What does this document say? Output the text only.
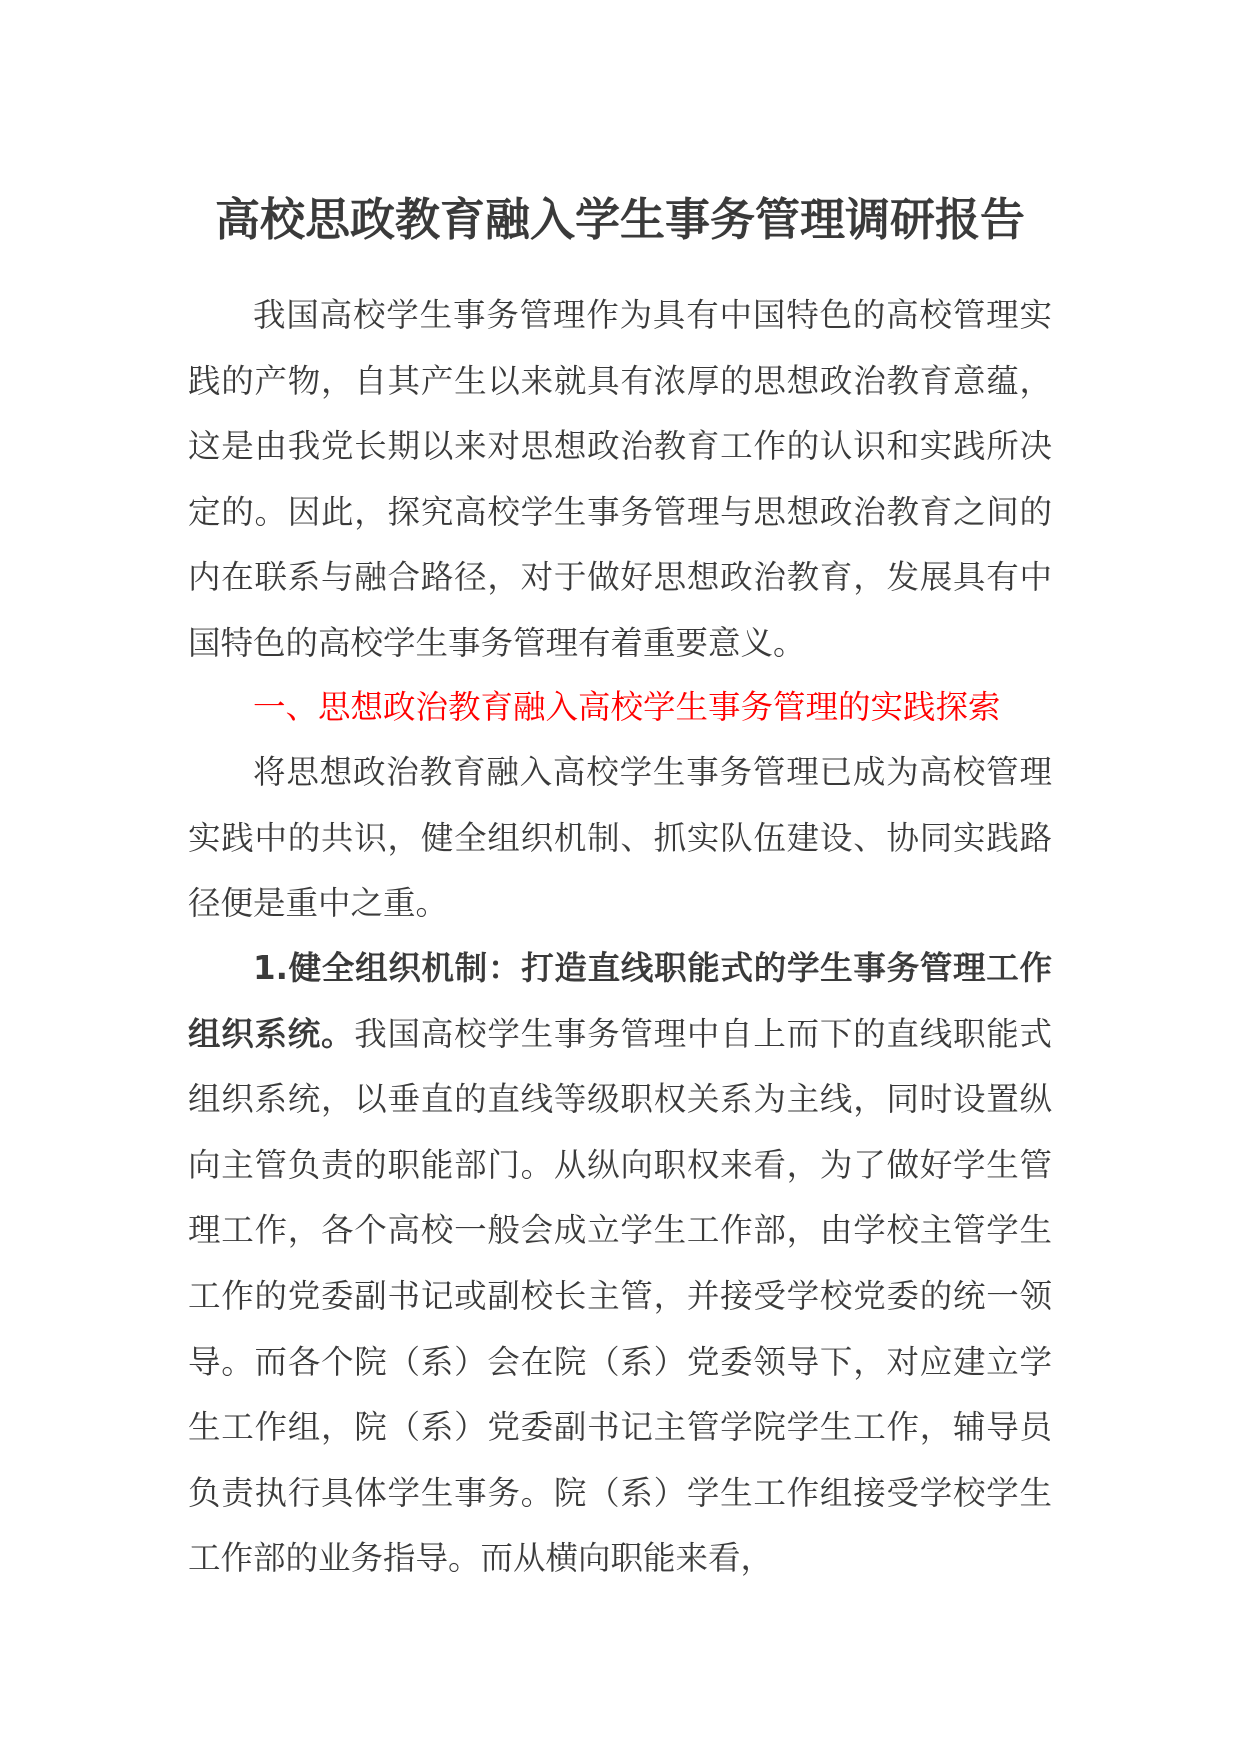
高校思政教育融入学生事务管理调研报告
我国高校学生事务管理作为具有中国特色的高校管理实践的产物，自其产生以来就具有浓厚的思想政治教育意蕴，这是由我党长期以来对思想政治教育工作的认识和实践所决定的。因此，探究高校学生事务管理与思想政治教育之间的内在联系与融合路径，对于做好思想政治教育，发展具有中国特色的高校学生事务管理有着重要意义。
一、思想政治教育融入高校学生事务管理的实践探索
将思想政治教育融入高校学生事务管理已成为高校管理实践中的共识，健全组织机制、抓实队伍建设、协同实践路径便是重中之重。
1.健全组织机制：打造直线职能式的学生事务管理工作组织系统。我国高校学生事务管理中自上而下的直线职能式组织系统，以垂直的直线等级职权关系为主线，同时设置纵向主管负责的职能部门。从纵向职权来看，为了做好学生管理工作，各个高校一般会成立学生工作部，由学校主管学生工作的党委副书记或副校长主管，并接受学校党委的统一领导。而各个院（系）会在院（系）党委领导下，对应建立学生工作组，院（系）党委副书记主管学院学生工作，辅导员负责执行具体学生事务。院（系）学生工作组接受学校学生工作部的业务指导。而从横向职能来看，
